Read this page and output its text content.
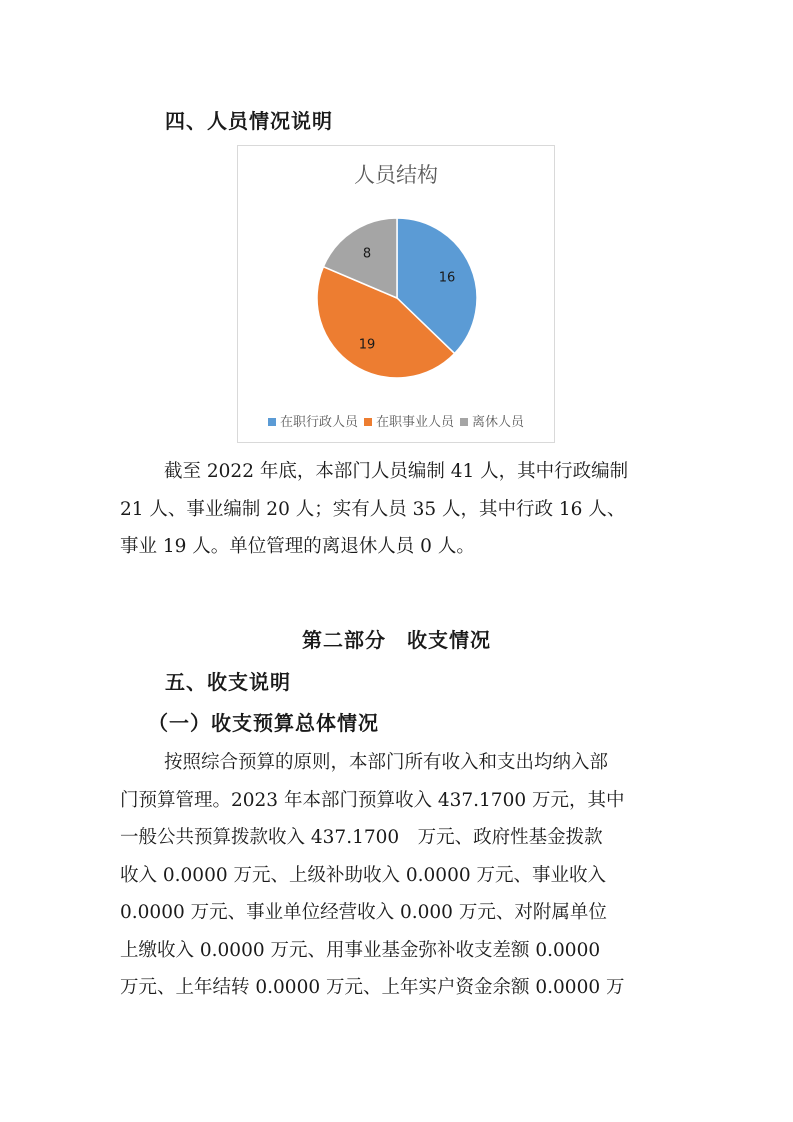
四、人员情况说明
人员结构
16
19
8
在职行政人员 在职事业人员 离休人员

截至 2022 年底，本部门人员编制 41 人，其中行政编制
21 人、事业编制 20 人；实有人员 35 人，其中行政 16 人、
事业 19 人。单位管理的离退休人员 0 人。

第二部分　收支情况
五、收支说明
（一）收支预算总体情况

按照综合预算的原则，本部门所有收入和支出均纳入部
门预算管理。2023 年本部门预算收入 437.1700 万元，其中
一般公共预算拨款收入 437.1700　万元、政府性基金拨款
收入 0.0000 万元、上级补助收入 0.0000 万元、事业收入
0.0000 万元、事业单位经营收入 0.000 万元、对附属单位
上缴收入 0.0000 万元、用事业基金弥补收支差额 0.0000
万元、上年结转 0.0000 万元、上年实户资金余额 0.0000 万
